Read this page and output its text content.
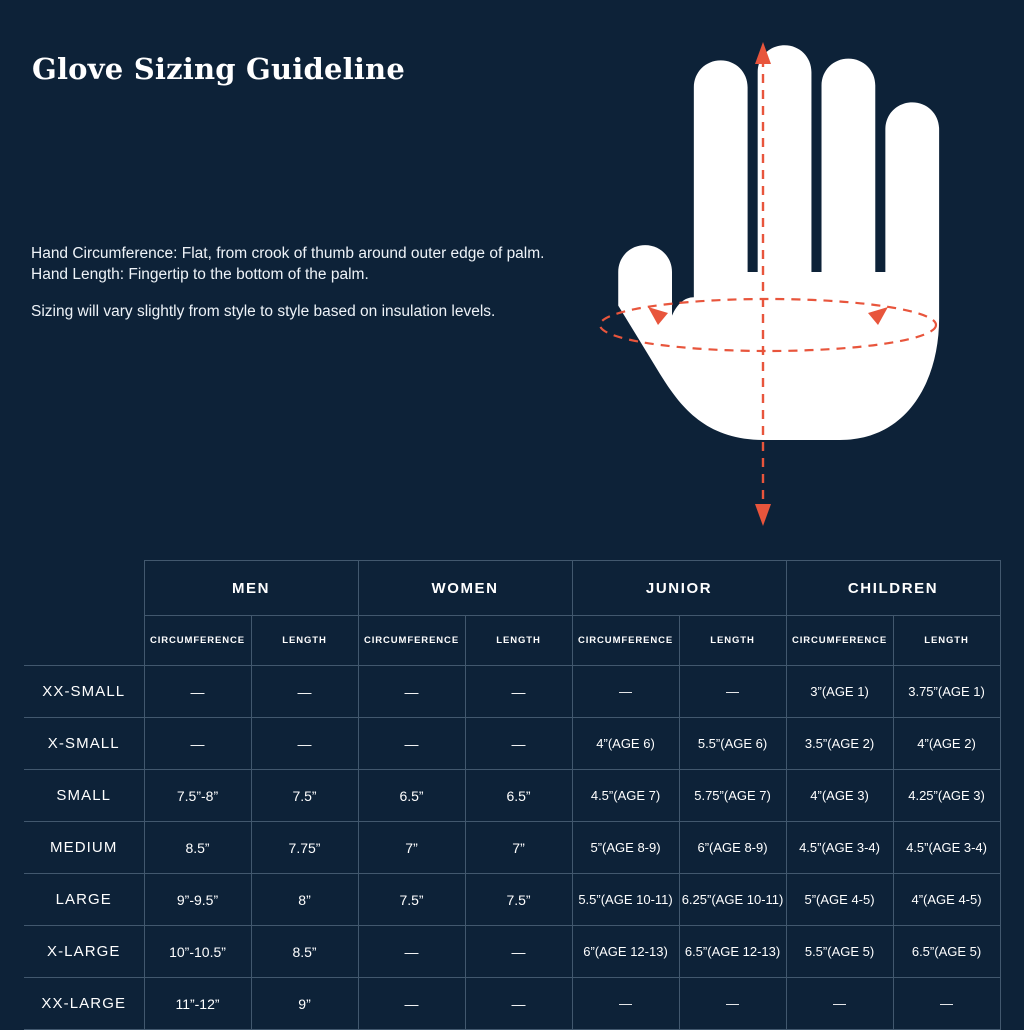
Glove Sizing Guideline
Hand Circumference: Flat, from crook of thumb around outer edge of palm.
Hand Length: Fingertip to the bottom of the palm.
Sizing will vary slightly from style to style based on insulation levels.
	MEN		WOMEN		JUNIOR		CHILDREN	
	CIRCUMFERENCE	LENGTH	CIRCUMFERENCE	LENGTH	CIRCUMFERENCE	LENGTH	CIRCUMFERENCE	LENGTH
XX-SMALL	—	—	—	—	—	—	3”(AGE 1)	3.75”(AGE 1)
X-SMALL	—	—	—	—	4”(AGE 6)	5.5”(AGE 6)	3.5”(AGE 2)	4”(AGE 2)
SMALL	7.5”-8”	7.5”	6.5”	6.5”	4.5”(AGE 7)	5.75”(AGE 7)	4”(AGE 3)	4.25”(AGE 3)
MEDIUM	8.5”	7.75”	7”	7”	5”(AGE 8-9)	6”(AGE 8-9)	4.5”(AGE 3-4)	4.5”(AGE 3-4)
LARGE	9”-9.5”	8”	7.5”	7.5”	5.5”(AGE 10-11)	6.25”(AGE 10-11)	5”(AGE 4-5)	4”(AGE 4-5)
X-LARGE	10”-10.5”	8.5”	—	—	6”(AGE 12-13)	6.5”(AGE 12-13)	5.5”(AGE 5)	6.5”(AGE 5)
XX-LARGE	11”-12”	9”	—	—	—	—	—	—
